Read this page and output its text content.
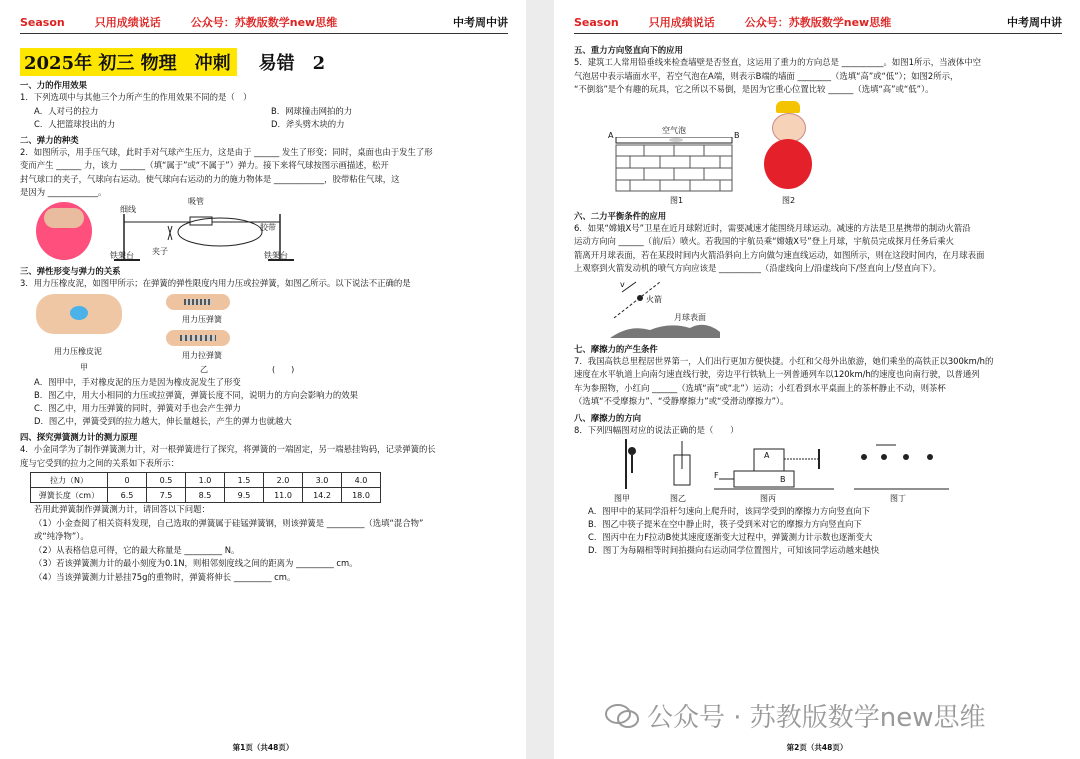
Season	只用成绩说话	公众号：苏教版数学new思维	中考周中讲
2025年 初三 物理　冲刺	易错　2
一、力的作用效果
1．下列选项中与其他三个力所产生的作用效果不同的是（　）
A．人对弓的拉力	B．网球撞击网拍的力
C．人把篮球投出的力	D．斧头劈木块的力
二、弹力的种类

2．如图所示，用手压气球，此时手对气球产生压力，这是由于 ______ 发生了形变；同时，桌面也由于发生了形

变而产生 ______ 力，该力 ______（填“属于”或“不属于”）弹力。接下来将气球按图示画描述，松开

封气球口的夹子，气球向右运动。使气球向右运动的力的施力物体是 ____________，胶带粘住气球，这

是因为 ____________。

吸管
细线
胶带
夹子
铁架台	铁架台
三、弹性形变与弹力的关系
3．用力压橡皮泥，如图甲所示；在弹簧的弹性限度内用力压或拉弹簧，如图乙所示。以下说法不正确的是
用力压橡皮泥
甲
用力压弹簧
用力拉弹簧
乙	(　　)
A．图甲中，手对橡皮泥的压力是因为橡皮泥发生了形变
B．图乙中，用大小相同的力压或拉弹簧，弹簧长度不同，说明力的方向会影响力的效果
C．图乙中，用力压弹簧的同时，弹簧对手也会产生弹力
D．图乙中，弹簧受到的拉力越大，伸长量越长，产生的弹力也就越大
四、探究弹簧测力计的测力原理

4．小金同学为了制作弹簧测力计，对一根弹簧进行了探究，将弹簧的一端固定，另一端悬挂钩码，记录弹簧的长

度与它受到的拉力之间的关系如下表所示：

拉力（N）	0	0.5	1.0	1.5	2.0	3.0	4.0
弹簧长度（cm）	6.5	7.5	8.5	9.5	11.0	14.2	18.0

若用此弹簧制作弹簧测力计，请回答以下问题：

（1）小金查阅了相关资料发现，自己选取的弹簧属于硅锰弹簧钢，则该弹簧是 _________（选填“混合物”

或“纯净物”）。

（2）从表格信息可得，它的最大称量是 _________ N。

（3）若该弹簧测力计的最小刻度为0.1N，则相邻刻度线之间的距离为 _________ cm。

（4）当该弹簧测力计悬挂75g的重物时，弹簧将伸长 _________ cm。

第1页（共48页）
Season	只用成绩说话	公众号：苏教版数学new思维	中考周中讲
五、重力方向竖直向下的应用

5．建筑工人常用铅垂线来检查墙壁是否竖直，这运用了重力的方向总是 __________。如图1所示，当液体中空

气泡居中表示墙面水平，若空气泡在A端，则表示B端的墙面 ________（选填“高”或“低”）；如图2所示，

“不倒翁”是个有趣的玩具，它之所以不易倒，是因为它重心位置比较 ______（选填“高”或“低”）。

空气泡
A	B
图1	图2
六、二力平衡条件的应用

6．如果“嫦娥X号”卫星在近月球附近时，需要减速才能围绕月球运动。减速的方法是卫星携带的制动火箭沿

运动方向向 ______（前/后）喷火。若我国的宇航员乘“嫦娥X号”登上月球，宇航员完成探月任务后乘火

箭离开月球表面，若在某段时间内火箭沿斜向上方向做匀速直线运动，如图所示，则在这段时间内，在月球表面

上观察到火箭发动机的喷气方向应该是 __________（沿虚线向上/沿虚线向下/竖直向上/竖直向下）。

v
火箭
月球表面
七、摩擦力的产生条件

7．我国高铁总里程居世界第一，人们出行更加方便快捷。小红和父母外出旅游，她们乘坐的高铁正以300km/h的

速度在水平轨道上向南匀速直线行驶，旁边平行铁轨上一列普通列车以120km/h的速度也向南行驶，以普通列

车为参照物，小红向 ______（选填“南”或“北”）运动；小红看到水平桌面上的茶杯静止不动，则茶杯

（选填“不受摩擦力”、“受静摩擦力”或“受滑动摩擦力”）。

八、摩擦力的方向
8．下列四幅图对应的说法正确的是（　　）
图甲	图乙	图丙	图丁
A
B
F
A．图甲中的某同学沿杆匀速向上爬升时，该同学受到的摩擦力方向竖直向下
B．图乙中筷子提米在空中静止时，筷子受到米对它的摩擦力方向竖直向下
C．图丙中在力F拉动B使其速度逐渐变大过程中，弹簧测力计示数也逐渐变大
D．图丁为每隔相等时间拍摄向右运动同学位置图片，可知该同学运动越来越快
第2页（共48页）
公众号 · 苏教版数学new思维
